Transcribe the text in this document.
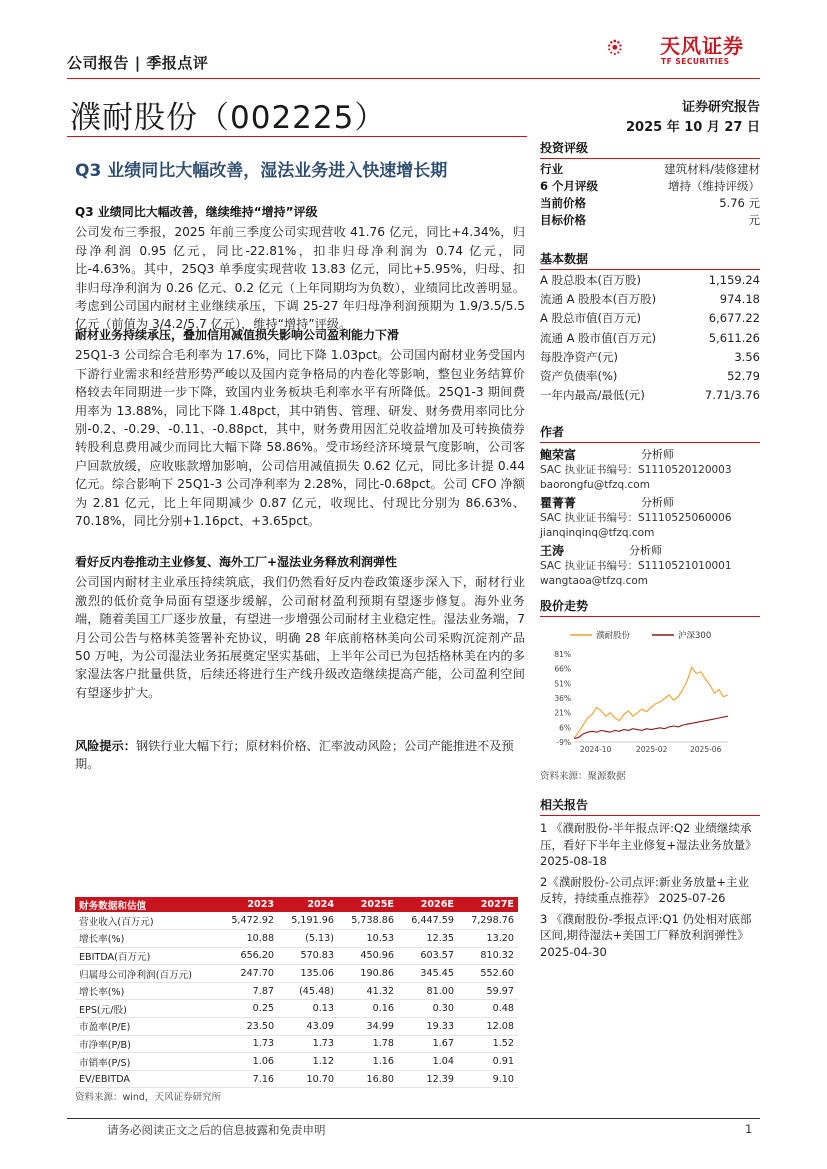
公司报告 | 季报点评
天风证券
TF SECURITIES
濮耐股份（002225）	证券研究报告
2025 年 10 月 27 日
Q3 业绩同比大幅改善，湿法业务进入快速增长期
Q3 业绩同比大幅改善，继续维持“增持”评级
公司发布三季报，2025 年前三季度公司实现营收 41.76 亿元，同比+4.34%，归母净利润 0.95 亿元，同比-22.81%，扣非归母净利润为 0.74 亿元，同比-4.63%。其中，25Q3 单季度实现营收 13.83 亿元，同比+5.95%，归母、扣非归母净利润为 0.26 亿元、0.2 亿元（上年同期均为负数），业绩同比改善明显。考虑到公司国内耐材主业继续承压，下调 25-27 年归母净利润预期为 1.9/3.5/5.5 亿元（前值为 3/4.2/5.7 亿元），维持“增持”评级。
耐材业务持续承压，叠加信用减值损失影响公司盈利能力下滑
25Q1-3 公司综合毛利率为 17.6%，同比下降 1.03pct。公司国内耐材业务受国内下游行业需求和经营形势严峻以及国内竞争格局的内卷化等影响，整包业务结算价格较去年同期进一步下降，致国内业务板块毛利率水平有所降低。25Q1-3 期间费用率为 13.88%，同比下降 1.48pct，其中销售、管理、研发、财务费用率同比分别-0.2、-0.29、-0.11、-0.88pct，其中，财务费用因汇兑收益增加及可转换债券转股利息费用减少而同比大幅下降 58.86%。受市场经济环境景气度影响，公司客户回款放缓，应收账款增加影响，公司信用减值损失 0.62 亿元，同比多计提 0.44 亿元。综合影响下 25Q1-3 公司净利率为 2.28%，同比-0.68pct。公司 CFO 净额为 2.81 亿元，比上年同期减少 0.87 亿元，收现比、付现比分别为 86.63%、70.18%，同比分别+1.16pct、+3.65pct。
看好反内卷推动主业修复、海外工厂+湿法业务释放利润弹性
公司国内耐材主业承压持续筑底，我们仍然看好反内卷政策逐步深入下，耐材行业激烈的低价竞争局面有望逐步缓解，公司耐材盈利预期有望逐步修复。海外业务端，随着美国工厂逐步放量，有望进一步增强公司耐材主业稳定性。湿法业务端，7 月公司公告与格林美签署补充协议，明确 28 年底前格林美向公司采购沉淀剂产品 50 万吨，为公司湿法业务拓展奠定坚实基础，上半年公司已为包括格林美在内的多家湿法客户批量供货，后续还将进行生产线升级改造继续提高产能，公司盈利空间有望逐步扩大。
风险提示：钢铁行业大幅下行；原材料价格、汇率波动风险；公司产能推进不及预期。
投资评级
行业	建筑材料/装修建材
6 个月评级	增持（维持评级）
当前价格	5.76 元
目标价格	元
基本数据
A 股总股本(百万股)	1,159.24
流通 A 股股本(百万股)	974.18
A 股总市值(百万元)	6,677.22
流通 A 股市值(百万元)	5,611.26
每股净资产(元)	3.56
资产负债率(%)	52.79
一年内最高/最低(元)	7.71/3.76
作者
鲍荣富	分析师
SAC 执业证书编号：S1110520120003
baorongfu@tfzq.com
瞿菁菁	分析师
SAC 执业证书编号：S1110525060006
jianqinqinq@tfzq.com
王涛	分析师
SAC 执业证书编号：S1110521010001
wangtaoa@tfzq.com
股价走势
濮耐股份	沪深300
81%
66%
51%
36%
21%
6%
-9%
2024-10	2025-02	2025-06
资料来源：聚源数据
相关报告
1 《濮耐股份-半年报点评:Q2 业绩继续承压，看好下半年主业修复+湿法业务放量》 2025-08-18
2《濮耐股份-公司点评:新业务放量+主业反转，持续重点推荐》 2025-07-26
3 《濮耐股份-季报点评:Q1 仍处相对底部区间,期待湿法+美国工厂释放利润弹性》 2025-04-30
财务数据和估值	2023	2024	2025E	2026E	2027E
营业收入(百万元)	5,472.92	5,191.96	5,738.86	6,447.59	7,298.76
增长率(%)	10.88	(5.13)	10.53	12.35	13.20
EBITDA(百万元)	656.20	570.83	450.96	603.57	810.32
归属母公司净利润(百万元)	247.70	135.06	190.86	345.45	552.60
增长率(%)	7.87	(45.48)	41.32	81.00	59.97
EPS(元/股)	0.25	0.13	0.16	0.30	0.48
市盈率(P/E)	23.50	43.09	34.99	19.33	12.08
市净率(P/B)	1.73	1.73	1.78	1.67	1.52
市销率(P/S)	1.06	1.12	1.16	1.04	0.91
EV/EBITDA	7.16	10.70	16.80	12.39	9.10
资料来源：wind，天风证券研究所
请务必阅读正文之后的信息披露和免责申明	1
